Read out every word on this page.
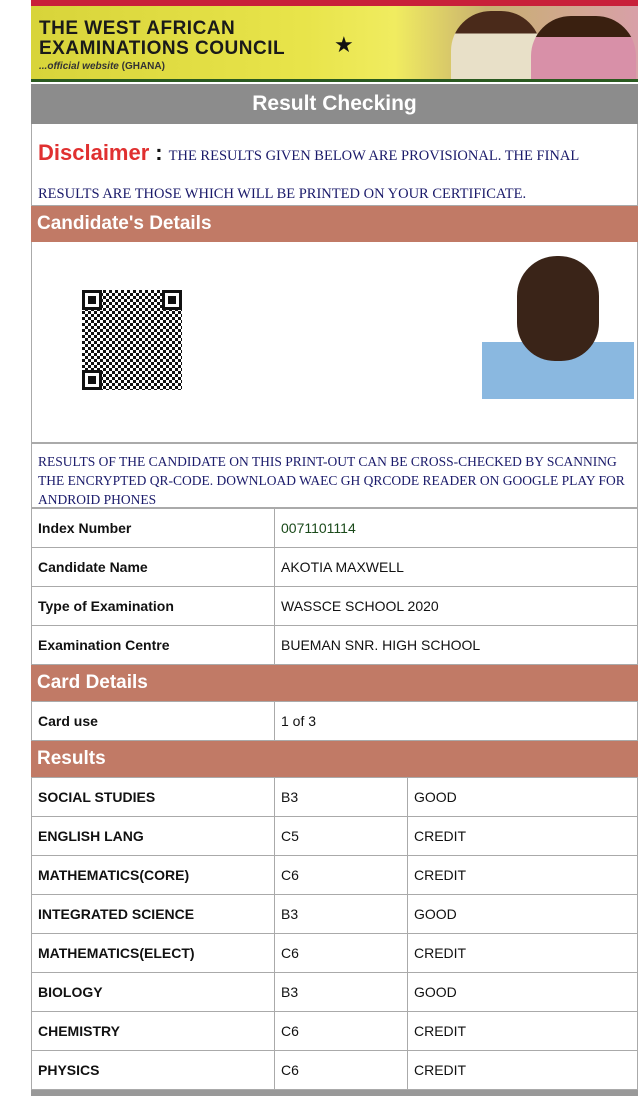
THE WEST AFRICAN
EXAMINATIONS COUNCIL
...official website (GHANA)
★
Result Checking

Disclaimer : THE RESULTS GIVEN BELOW ARE PROVISIONAL. THE FINAL

RESULTS ARE THOSE WHICH WILL BE PRINTED ON YOUR CERTIFICATE.

Candidate's Details
RESULTS OF THE CANDIDATE ON THIS PRINT-OUT CAN BE CROSS-CHECKED BY SCANNING THE ENCRYPTED QR-CODE. DOWNLOAD WAEC GH QRCODE READER ON GOOGLE PLAY FOR ANDROID PHONES
Index Number	0071101114
Candidate Name	AKOTIA MAXWELL
Type of Examination	WASSCE SCHOOL 2020
Examination Centre	BUEMAN SNR. HIGH SCHOOL
Card Details
Card use	1 of 3
Results
SOCIAL STUDIES	B3	GOOD
ENGLISH LANG	C5	CREDIT
MATHEMATICS(CORE)	C6	CREDIT
INTEGRATED SCIENCE	B3	GOOD
MATHEMATICS(ELECT)	C6	CREDIT
BIOLOGY	B3	GOOD
CHEMISTRY	C6	CREDIT
PHYSICS	C6	CREDIT
